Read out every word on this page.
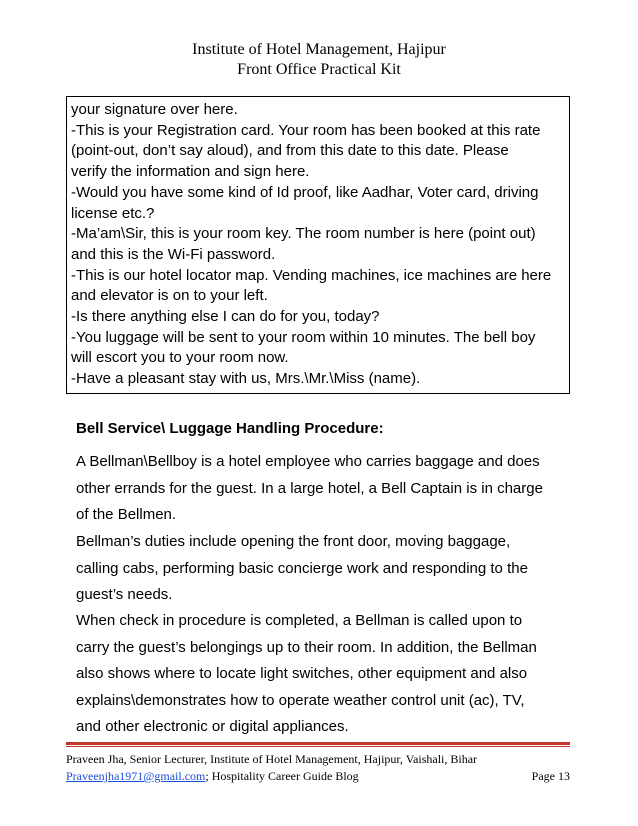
Institute of Hotel Management, Hajipur
Front Office Practical Kit
your signature over here.
-This is your Registration card. Your room has been booked at this rate
(point-out, don’t say aloud), and from this date to this date. Please
verify the information and sign here.
-Would you have some kind of Id proof, like Aadhar, Voter card, driving
license etc.?
-Ma’am\Sir, this is your room key. The room number is here (point out)
and this is the Wi-Fi password.
-This is our hotel locator map. Vending machines, ice machines are here
and elevator is on to your left.
-Is there anything else I can do for you, today?
-You luggage will be sent to your room within 10 minutes. The bell boy
will escort you to your room now.
-Have a pleasant stay with us, Mrs.\Mr.\Miss (name).
Bell Service\ Luggage Handling Procedure:
A Bellman\Bellboy is a hotel employee who carries baggage and does
other errands for the guest. In a large hotel, a Bell Captain is in charge
of the Bellmen.
Bellman’s duties include opening the front door, moving baggage,
calling cabs, performing basic concierge work and responding to the
guest’s needs.
When check in procedure is completed, a Bellman is called upon to
carry the guest’s belongings up to their room. In addition, the Bellman
also shows where to locate light switches, other equipment and also
explains\demonstrates how to operate weather control unit (ac), TV,
and other electronic or digital appliances.
Praveen Jha, Senior Lecturer, Institute of Hotel Management, Hajipur, Vaishali, Bihar
Praveenjha1971@gmail.com; Hospitality Career Guide Blog	Page 13
